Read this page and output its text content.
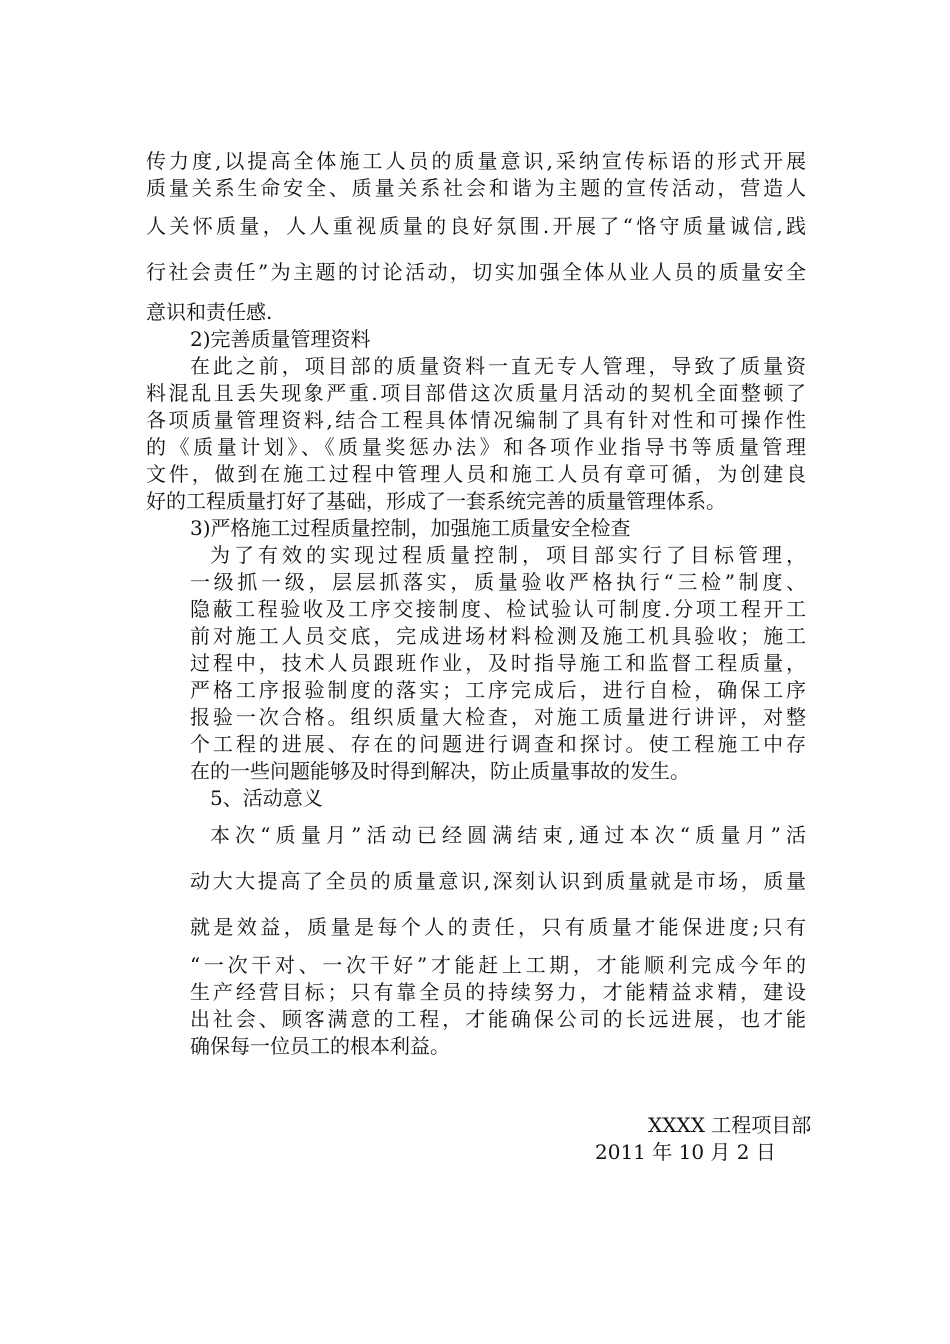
传力度,以提高全体施工人员的质量意识,采纳宣传标语的形式开展
质量关系生命安全、质量关系社会和谐为主题的宣传活动，营造人
人关怀质量，人人重视质量的良好氛围.开展了“恪守质量诚信,践
行社会责任”为主题的讨论活动，切实加强全体从业人员的质量安全
意识和责任感.
2)完善质量管理资料
在此之前，项目部的质量资料一直无专人管理，导致了质量资
料混乱且丢失现象严重.项目部借这次质量月活动的契机全面整顿了
各项质量管理资料,结合工程具体情况编制了具有针对性和可操作性
的《质量计划》、《质量奖惩办法》和各项作业指导书等质量管理
文件，做到在施工过程中管理人员和施工人员有章可循，为创建良
好的工程质量打好了基础，形成了一套系统完善的质量管理体系。
3)严格施工过程质量控制，加强施工质量安全检查
为了有效的实现过程质量控制，项目部实行了目标管理，
一级抓一级，层层抓落实，质量验收严格执行“三检”制度、
隐蔽工程验收及工序交接制度、检试验认可制度.分项工程开工
前对施工人员交底，完成进场材料检测及施工机具验收；施工
过程中，技术人员跟班作业，及时指导施工和监督工程质量，
严格工序报验制度的落实；工序完成后，进行自检，确保工序
报验一次合格。组织质量大检查，对施工质量进行讲评，对整
个工程的进展、存在的问题进行调查和探讨。使工程施工中存
在的一些问题能够及时得到解决，防止质量事故的发生。
5、活动意义
本次“质量月”活动已经圆满结束,通过本次“质量月”活
动大大提高了全员的质量意识,深刻认识到质量就是市场，质量
就是效益，质量是每个人的责任，只有质量才能保进度;只有
“一次干对、一次干好”才能赶上工期，才能顺利完成今年的
生产经营目标；只有靠全员的持续努力，才能精益求精，建设
出社会、顾客满意的工程，才能确保公司的长远进展，也才能
确保每一位员工的根本利益。
XXXX 工程项目部
2011 年 10 月 2 日
